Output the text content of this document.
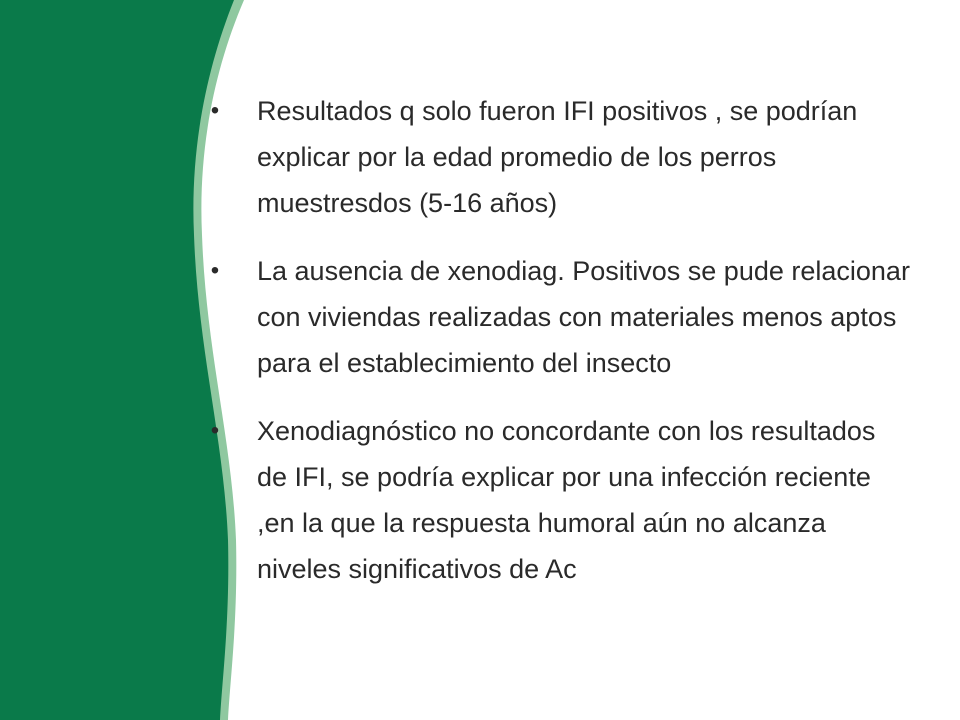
• Resultados q solo fueron IFI positivos , se podrían explicar por la edad promedio de los perros muestresdos (5-16 años)
• La ausencia de xenodiag. Positivos se pude relacionar con viviendas realizadas con materiales menos aptos para el establecimiento del insecto
• Xenodiagnóstico no concordante con los resultados de IFI, se podría explicar por una infección reciente ,en la que la respuesta humoral aún no alcanza niveles significativos de Ac
